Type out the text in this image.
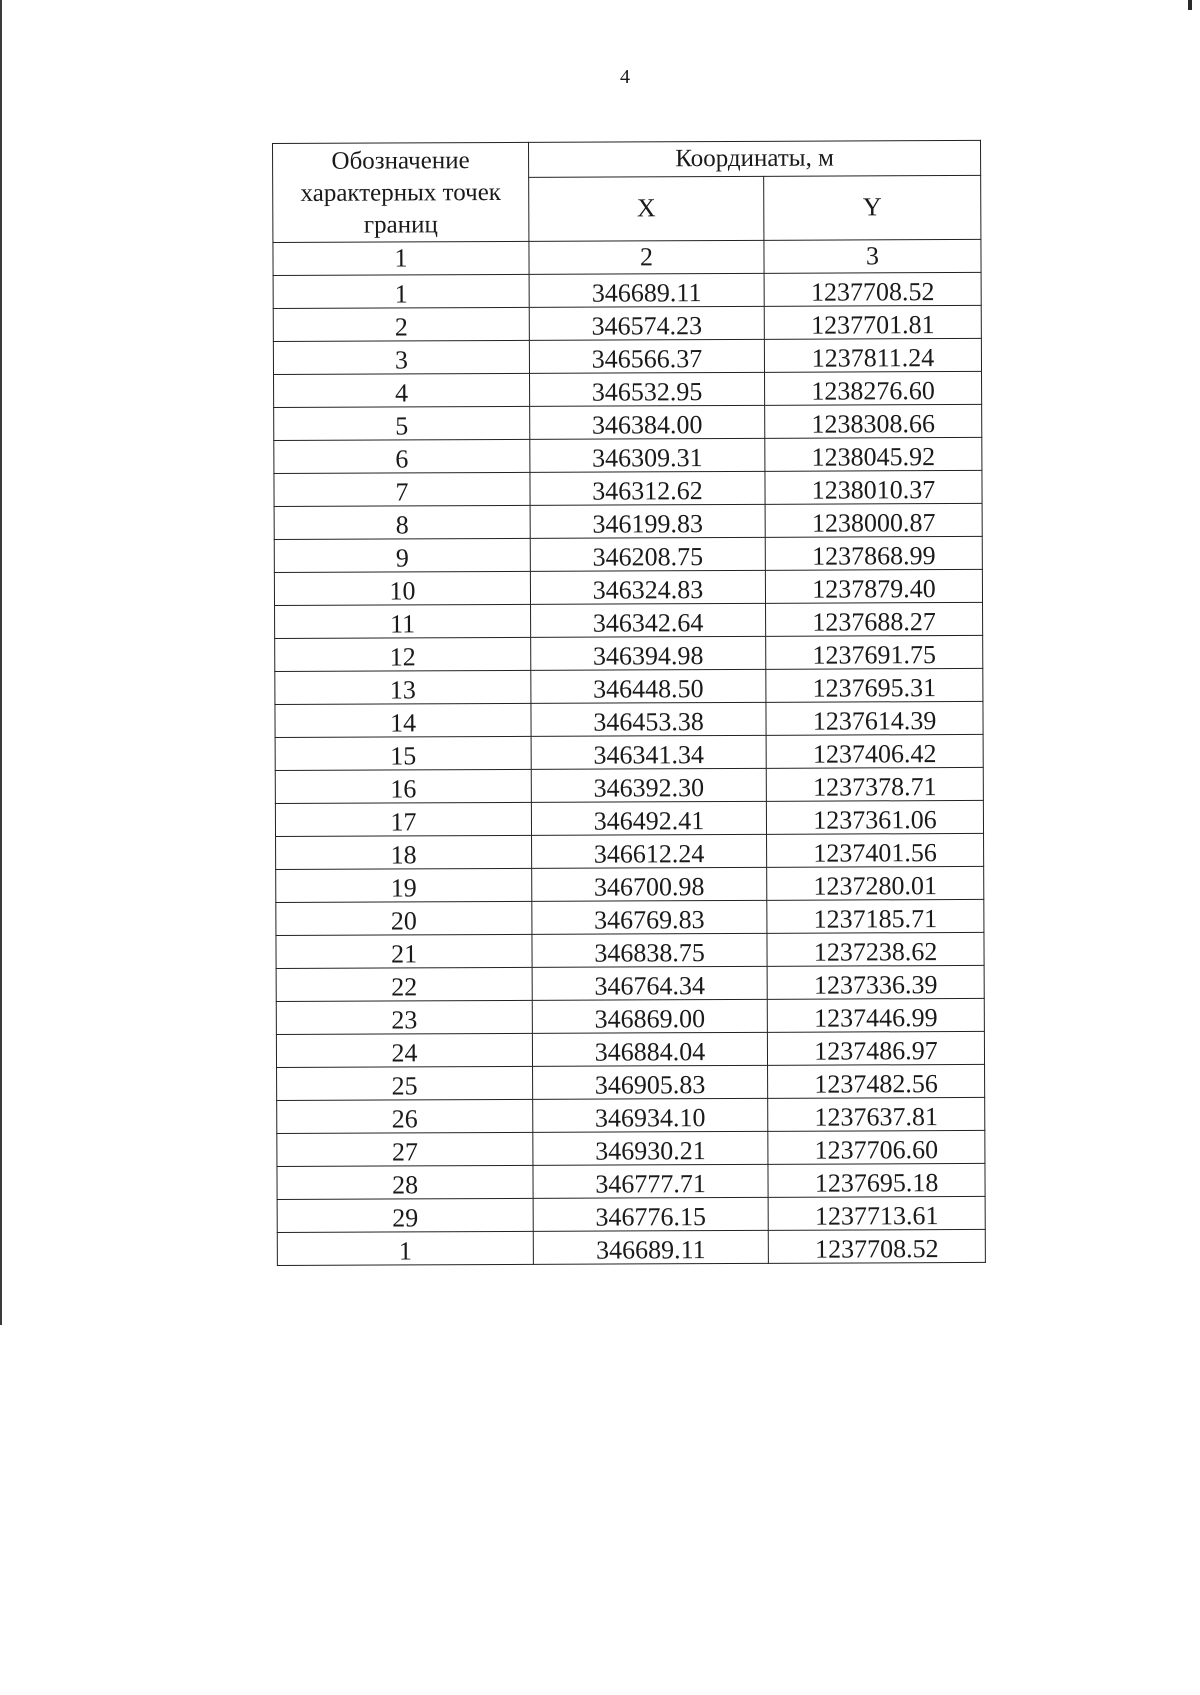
4
Обозначение характерных точек границ	Координаты, м	
	X	Y
1	2	3
1	346689.11	1237708.52
2	346574.23	1237701.81
3	346566.37	1237811.24
4	346532.95	1238276.60
5	346384.00	1238308.66
6	346309.31	1238045.92
7	346312.62	1238010.37
8	346199.83	1238000.87
9	346208.75	1237868.99
10	346324.83	1237879.40
11	346342.64	1237688.27
12	346394.98	1237691.75
13	346448.50	1237695.31
14	346453.38	1237614.39
15	346341.34	1237406.42
16	346392.30	1237378.71
17	346492.41	1237361.06
18	346612.24	1237401.56
19	346700.98	1237280.01
20	346769.83	1237185.71
21	346838.75	1237238.62
22	346764.34	1237336.39
23	346869.00	1237446.99
24	346884.04	1237486.97
25	346905.83	1237482.56
26	346934.10	1237637.81
27	346930.21	1237706.60
28	346777.71	1237695.18
29	346776.15	1237713.61
1	346689.11	1237708.52
